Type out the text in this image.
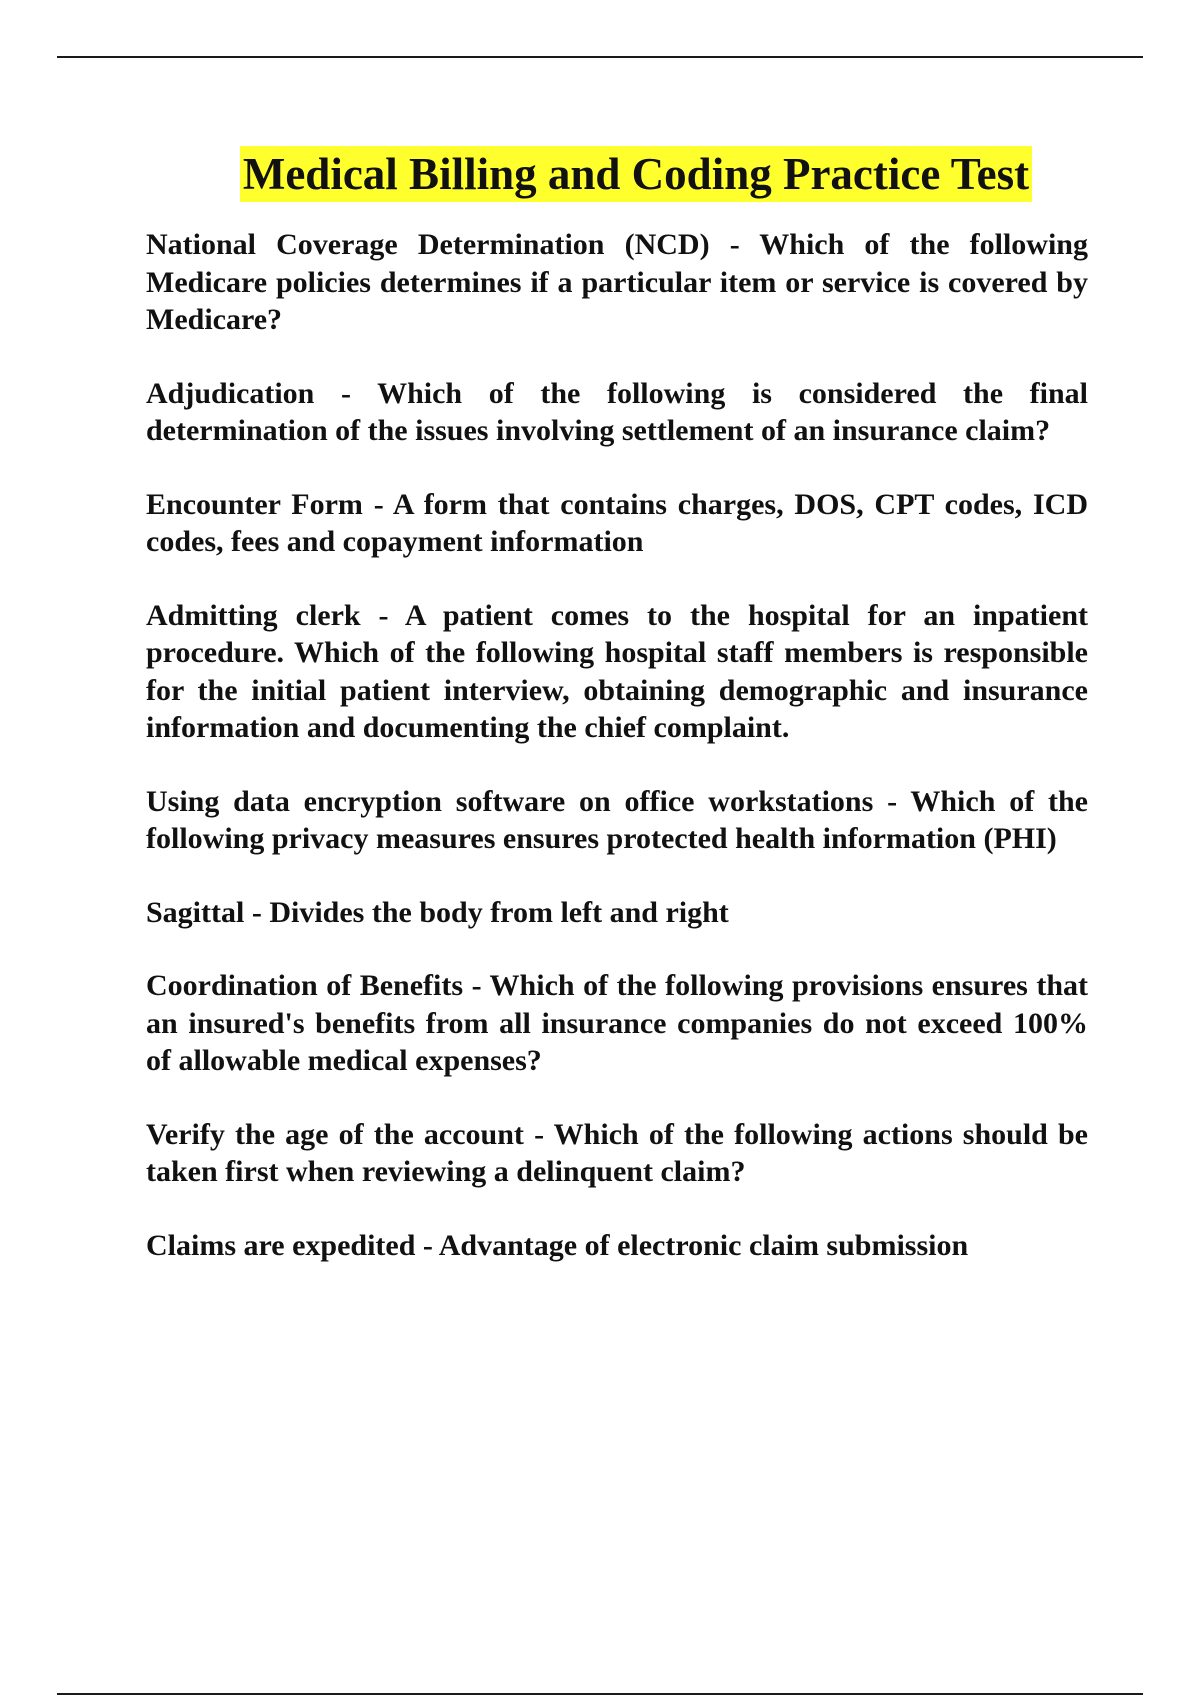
Medical Billing and Coding Practice Test

National Coverage Determination (NCD) - Which of the following Medicare policies determines if a particular item or service is covered by Medicare?

Adjudication - Which of the following is considered the final determination of the issues involving settlement of an insurance claim?

Encounter Form - A form that contains charges, DOS, CPT codes, ICD codes, fees and copayment information

Admitting clerk - A patient comes to the hospital for an inpatient procedure. Which of the following hospital staff members is responsible for the initial patient interview, obtaining demographic and insurance information and documenting the chief complaint.

Using data encryption software on office workstations - Which of the following privacy measures ensures protected health information (PHI)

Sagittal - Divides the body from left and right

Coordination of Benefits - Which of the following provisions ensures that an insured's benefits from all insurance companies do not exceed 100% of allowable medical expenses?

Verify the age of the account - Which of the following actions should be taken first when reviewing a delinquent claim?

Claims are expedited - Advantage of electronic claim submission
